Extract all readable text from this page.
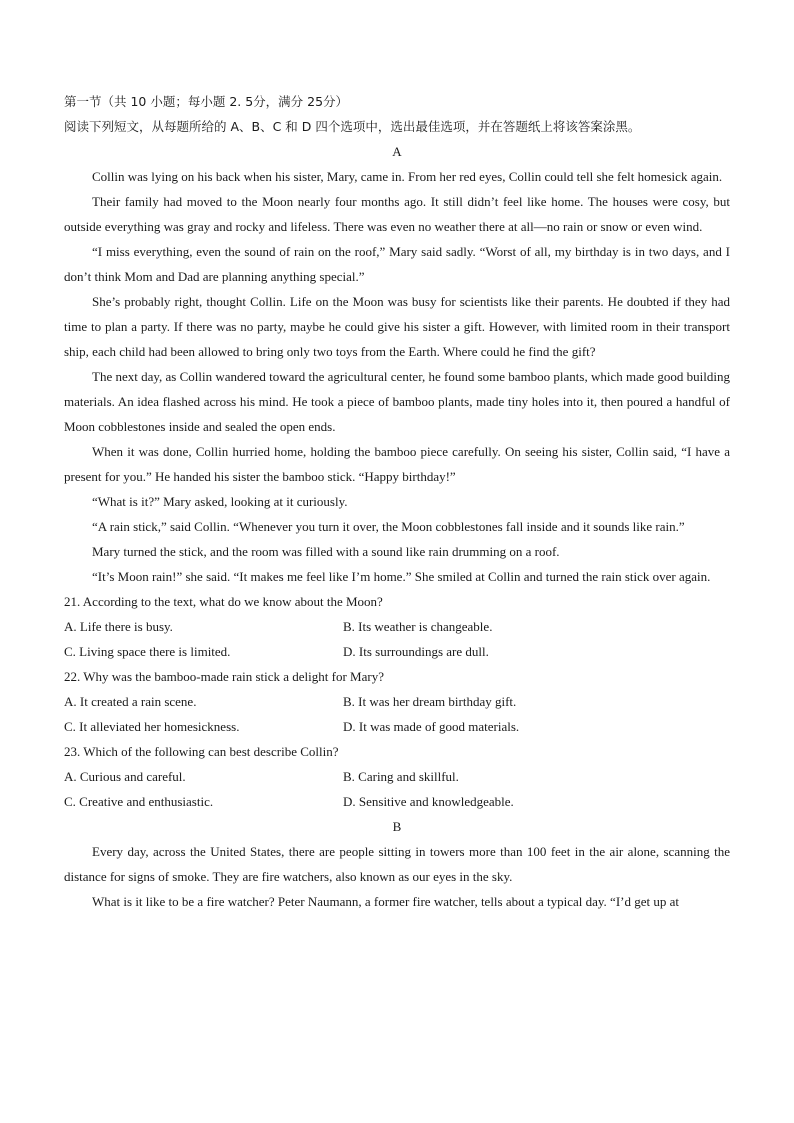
第一节（共 10 小题；每小题 2. 5分，满分 25分）
阅读下列短文，从每题所给的 A、B、C 和 D 四个选项中，选出最佳选项，并在答题纸上将该答案涂黑。
A

Collin was lying on his back when his sister, Mary, came in. From her red eyes, Collin could tell she felt homesick again.

Their family had moved to the Moon nearly four months ago. It still didn’t feel like home. The houses were cosy, but outside everything was gray and rocky and lifeless. There was even no weather there at all—no rain or snow or even wind.

“I miss everything, even the sound of rain on the roof,” Mary said sadly. “Worst of all, my birthday is in two days, and I don’t think Mom and Dad are planning anything special.”

She’s probably right, thought Collin. Life on the Moon was busy for scientists like their parents. He doubted if they had time to plan a party. If there was no party, maybe he could give his sister a gift. However, with limited room in their transport ship, each child had been allowed to bring only two toys from the Earth. Where could he find the gift?

The next day, as Collin wandered toward the agricultural center, he found some bamboo plants, which made good building materials. An idea flashed across his mind. He took a piece of bamboo plants, made tiny holes into it, then poured a handful of Moon cobblestones inside and sealed the open ends.

When it was done, Collin hurried home, holding the bamboo piece carefully. On seeing his sister, Collin said, “I have a present for you.” He handed his sister the bamboo stick. “Happy birthday!”

“What is it?” Mary asked, looking at it curiously.

“A rain stick,” said Collin. “Whenever you turn it over, the Moon cobblestones fall inside and it sounds like rain.”

Mary turned the stick, and the room was filled with a sound like rain drumming on a roof.

“It’s Moon rain!” she said. “It makes me feel like I’m home.” She smiled at Collin and turned the rain stick over again.

21. According to the text, what do we know about the Moon?
A. Life there is busy.	B. Its weather is changeable.
C. Living space there is limited.	D. Its surroundings are dull.
22. Why was the bamboo-made rain stick a delight for Mary?
A. It created a rain scene.	B. It was her dream birthday gift.
C. It alleviated her homesickness.	D. It was made of good materials.
23. Which of the following can best describe Collin?
A. Curious and careful.	B. Caring and skillful.
C. Creative and enthusiastic.	D. Sensitive and knowledgeable.
B

Every day, across the United States, there are people sitting in towers more than 100 feet in the air alone, scanning the distance for signs of smoke. They are fire watchers, also known as our eyes in the sky.

What is it like to be a fire watcher? Peter Naumann, a former fire watcher, tells about a typical day. “I’d get up at
